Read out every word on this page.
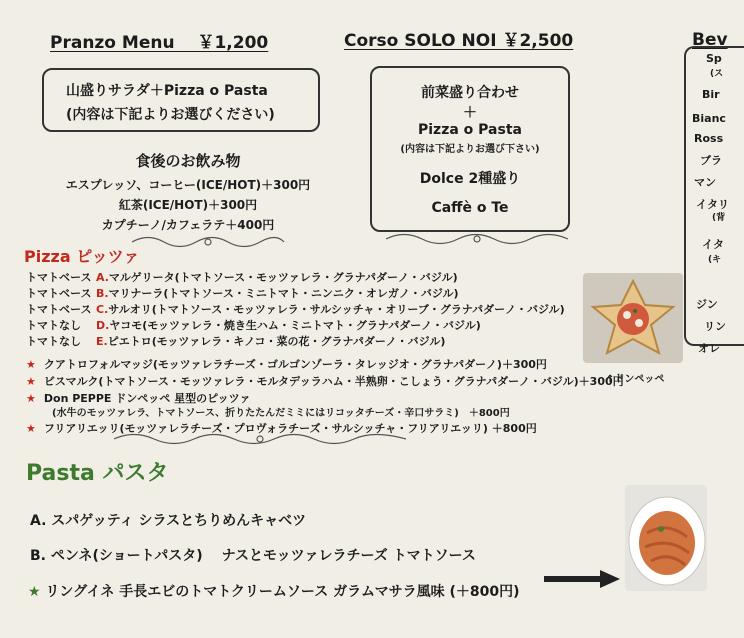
Pranzo Menu　 ￥1,200
山盛りサラダ＋Pizza o Pasta
(内容は下記よりお選びください)
食後のお飲み物
エスプレッソ、コーヒー(ICE/HOT)＋300円
紅茶(ICE/HOT)＋300円
カプチーノ/カフェラテ＋400円
Corso SOLO NOI ￥2,500
前菜盛り合わせ
＋
Pizza o Pasta
(内容は下記よりお選び下さい)
Dolce 2種盛り
Caffè o Te
Bev
Sp
(ス
Bir
Bianc
Ross
ブラ
マン
イタリ
(背
イタ
(キ
ジン
リン
オレ
Pizza ピッツァ
トマトベース A.マルゲリータ(トマトソース・モッツァレラ・グラナパダーノ・バジル)
トマトベース B.マリナーラ(トマトソース・ミニトマト・ニンニク・オレガノ・バジル)
トマトベース C.サルオリ(トマトソース・モッツァレラ・サルシッチャ・オリーブ・グラナパダーノ・バジル)
トマトなし D.ヤコモ(モッツァレラ・焼き生ハム・ミニトマト・グラナパダーノ・バジル)
トマトなし E.ピエトロ(モッツァレラ・キノコ・菜の花・グラナパダーノ・バジル)
★ クアトロフォルマッジ(モッツァレラチーズ・ゴルゴンゾーラ・タレッジオ・グラナパダーノ)＋300円
★ ビスマルク(トマトソース・モッツァレラ・モルタデッラハム・半熟卵・こしょう・グラナパダーノ・バジル)＋300円
★ Don PEPPE ドンペッペ 星型のピッツァ
(水牛のモッツァレラ、トマトソース、折りたたんだミミにはリコッタチーズ・辛口サラミ)　＋800円
★ フリアリエッリ(モッツァレラチーズ・プロヴォラチーズ・サルシッチャ・フリアリエッリ) ＋800円
↑ドンペッペ
Pasta パスタ
A. スパゲッティ シラスとちりめんキャベツ
B. ペンネ(ショートパスタ)　 ナスとモッツァレラチーズ トマトソース
★ リングイネ 手長エビのトマトクリームソース ガラムマサラ風味 (＋800円)
